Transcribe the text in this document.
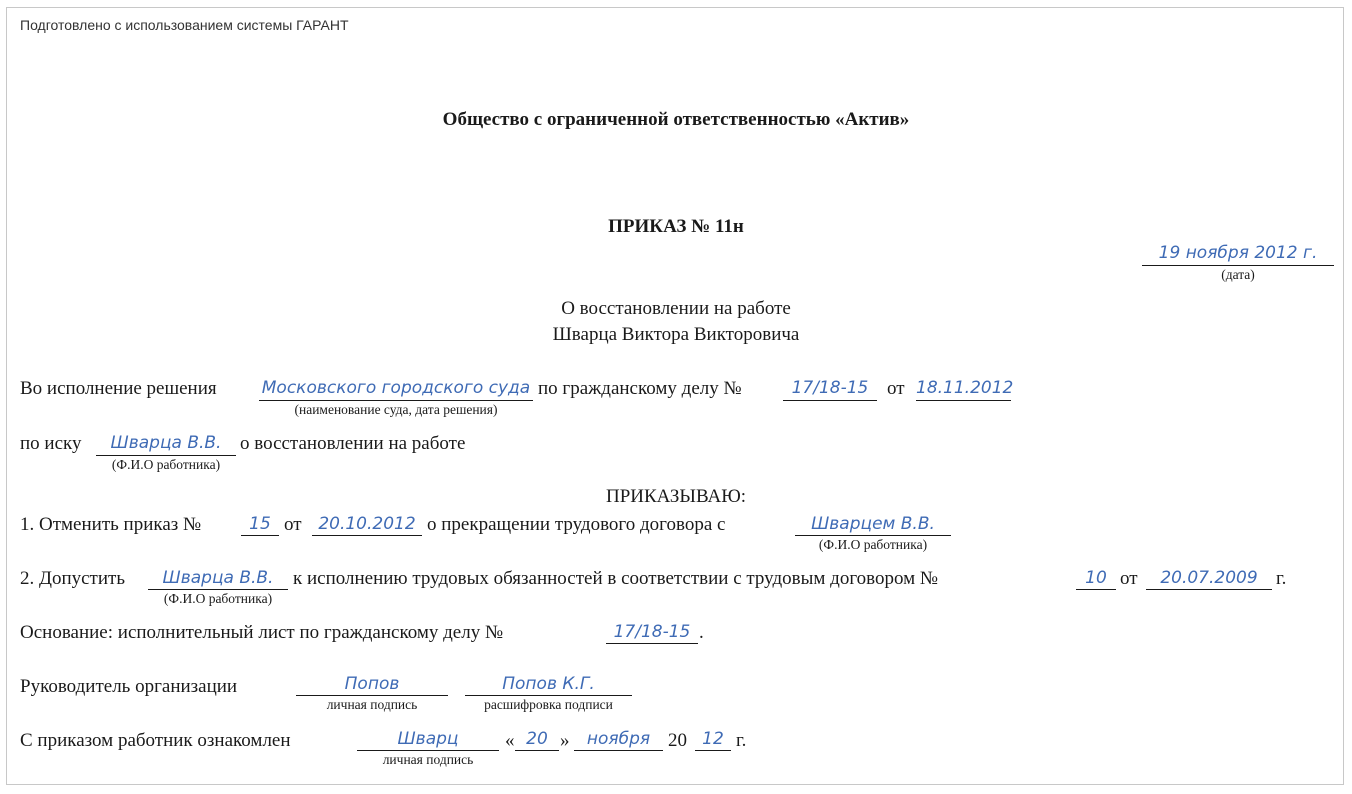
Подготовлено с использованием системы ГАРАНТ
Общество с ограниченной ответственностью «Актив»
ПРИКАЗ № 11н
19 ноября 2012 г.
(дата)
О восстановлении на работе
Шварца Виктора Викторовича
Во исполнение решения	Московского городского суда
(наименование суда, дата решения)
по гражданскому делу №	17/18-15 от 18.11.2012
по иску	Шварца В.В.
(Ф.И.О работника)
о восстановлении на работе
ПРИКАЗЫВАЮ:
1. Отменить приказ №	15 от 20.10.2012 о прекращении трудового договора с	Шварцем В.В.
(Ф.И.О работника)
2. Допустить	Шварца В.В.
(Ф.И.О работника)
к исполнению трудовых обязанностей в соответствии с трудовым договором №	10 от	20.07.2009 г.
Основание: исполнительный лист по гражданскому делу №	17/18-15 .
Руководитель организации	Попов
личная подпись
Попов К.Г.
расшифровка подписи
С приказом работник ознакомлен	Шварц
личная подпись
« 20 »	ноября 20 12 г.
